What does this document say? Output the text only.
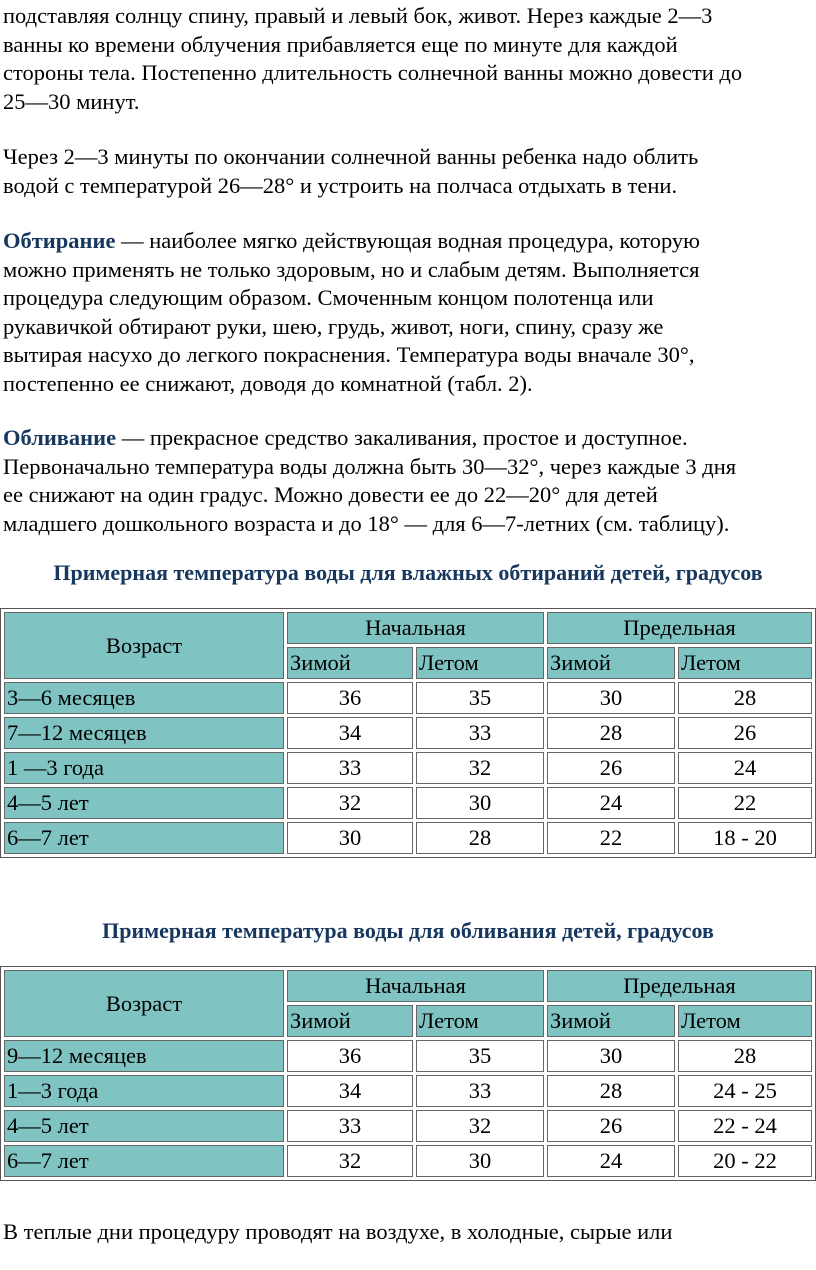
подставляя солнцу спину, правый и левый бок, живот. Нерез каждые 2—3
ванны ко времени облучения прибавляется еще по минуте для каждой
стороны тела. Постепенно длительность солнечной ванны можно довести до
25—30 минут.

Через 2—3 минуты по окончании солнечной ванны ребенка надо облить
водой с температурой 26—28° и устроить на полчаса отдыхать в тени.

Обтирание — наиболее мягко действующая водная процедура, которую
можно применять не только здоровым, но и слабым детям. Выполняется
процедура следующим образом. Смоченным концом полотенца или
рукавичкой обтирают руки, шею, грудь, живот, ноги, спину, сразу же
вытирая насухо до легкого покраснения. Температура воды вначале 30°,
постепенно ее снижают, доводя до комнатной (табл. 2).

Обливание — прекрасное средство закаливания, простое и доступное.
Первоначально температура воды должна быть 30—32°, через каждые 3 дня
ее снижают на один градус. Можно довести ее до 22—20° для детей
младшего дошкольного возраста и до 18° — для 6—7-летних (см. таблицу).

Примерная температура воды для влажных обтираний детей, градусов

Возраст	Начальная		Предельная	
	Зимой	Летом	Зимой	Летом
3—6 месяцев	36	35	30	28
7—12 месяцев	34	33	28	26
1 —3 года	33	32	26	24
4—5 лет	32	30	24	22
6—7 лет	30	28	22	18 - 20

Примерная температура воды для обливания детей, градусов

Возраст	Начальная		Предельная	
	Зимой	Летом	Зимой	Летом
9—12 месяцев	36	35	30	28
1—3 года	34	33	28	24 - 25
4—5 лет	33	32	26	22 - 24
6—7 лет	32	30	24	20 - 22

В теплые дни процедуру проводят на воздухе, в холодные, сырые или
